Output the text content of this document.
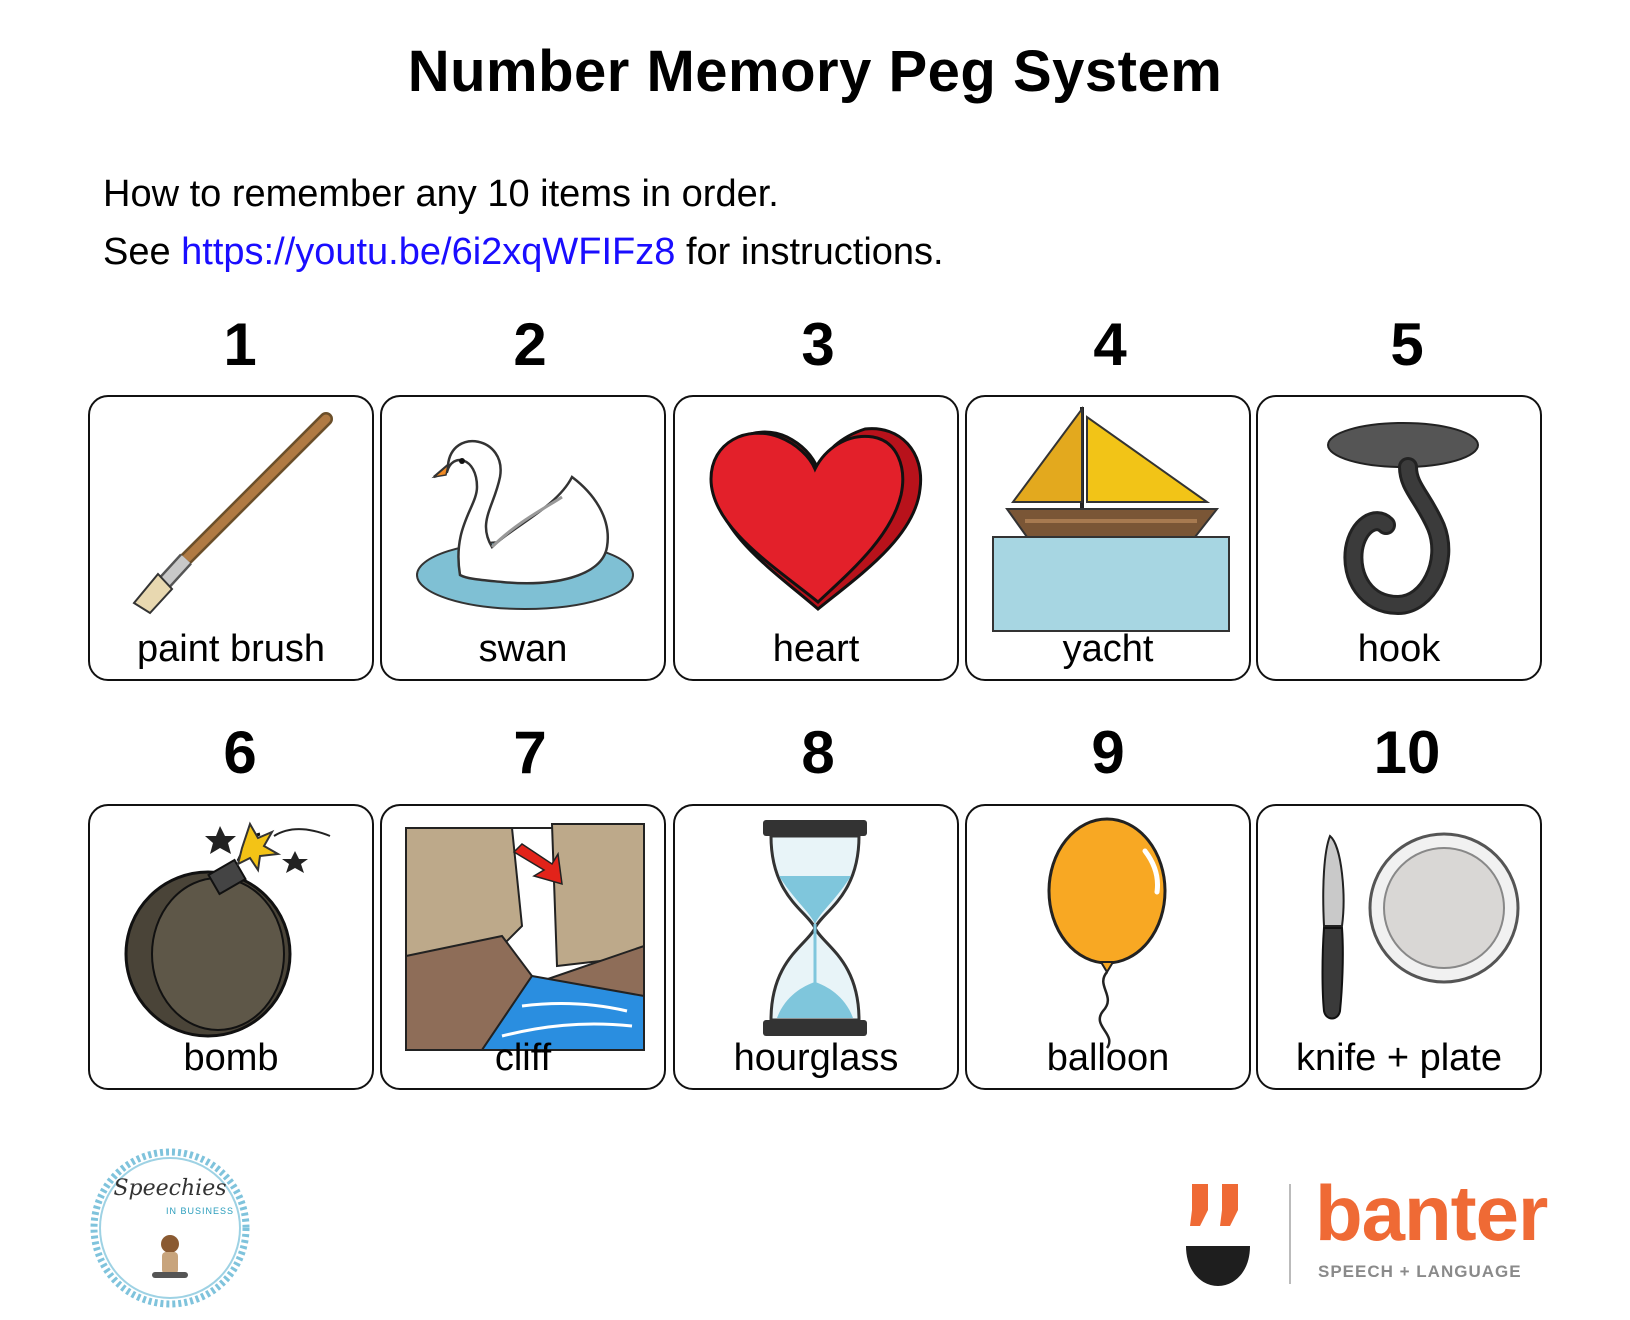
Number Memory Peg System
How to remember any 10 items in order.
See https://youtu.be/6i2xqWFIFz8 for instructions.
1	2	3	4	5
paint brush	swan	heart	yacht	hook
6	7	8	9	10
bomb	cliff	hourglass	balloon	knife + plate
Speechies
IN BUSINESS	banter
SPEECH + LANGUAGE
